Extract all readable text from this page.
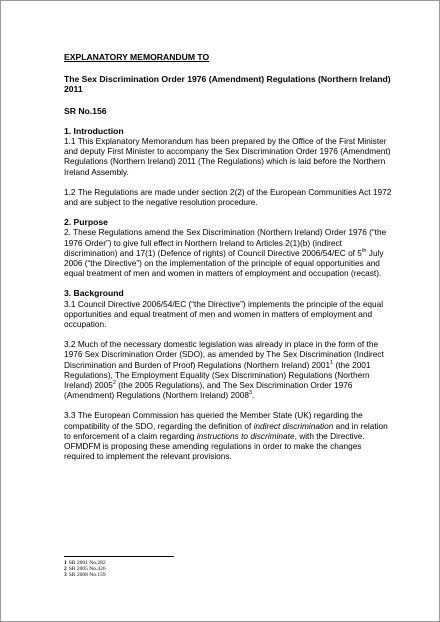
EXPLANATORY MEMORANDUM TO
The Sex Discrimination Order 1976 (Amendment) Regulations (Northern Ireland) 2011
SR No.156
1. Introduction

1.1 This Explanatory Memorandum has been prepared by the Office of the First Minister and deputy First Minister to accompany the Sex Discrimination Order 1976 (Amendment) Regulations (Northern Ireland) 2011 (The Regulations) which is laid before the Northern Ireland Assembly.

1.2 The Regulations are made under section 2(2) of the European Communities Act 1972 and are subject to the negative resolution procedure.

2. Purpose

2. These Regulations amend the Sex Discrimination (Northern Ireland) Order 1976 (“the 1976 Order”) to give full effect in Northern Ireland to Articles 2(1)(b) (indirect discrimination) and 17(1) (Defence of rights) of Council Directive 2006/54/EC of 5th July 2006 (“the Directive”) on the implementation of the principle of equal opportunities and equal treatment of men and women in matters of employment and occupation (recast).

3. Background

3.1 Council Directive 2006/54/EC (“the Directive”) implements the principle of the equal opportunities and equal treatment of men and women in matters of employment and occupation.

3.2 Much of the necessary domestic legislation was already in place in the form of the 1976 Sex Discrimination Order (SDO), as amended by The Sex Discrimination (Indirect Discrimination and Burden of Proof) Regulations (Northern Ireland) 2001$^1$ (the 2001 Regulations), The Employment Equality (Sex Discrimination) Regulations (Northern Ireland) 2005$^2$ (the 2005 Regulations), and The Sex Discrimination Order 1976 (Amendment) Regulations (Northern Ireland) 2008$^3$.

3.3 The European Commission has queried the Member State (UK) regarding the compatibility of the SDO, regarding the definition of indirect discrimination and in relation to enforcement of a claim regarding instructions to discriminate, with the Directive. OFMDFM is proposing these amending regulations in order to make the changes required to implement the relevant provisions.

1 SR 2001 No.282
2 SR 2005 No.426
3 SR 2008 No.159
